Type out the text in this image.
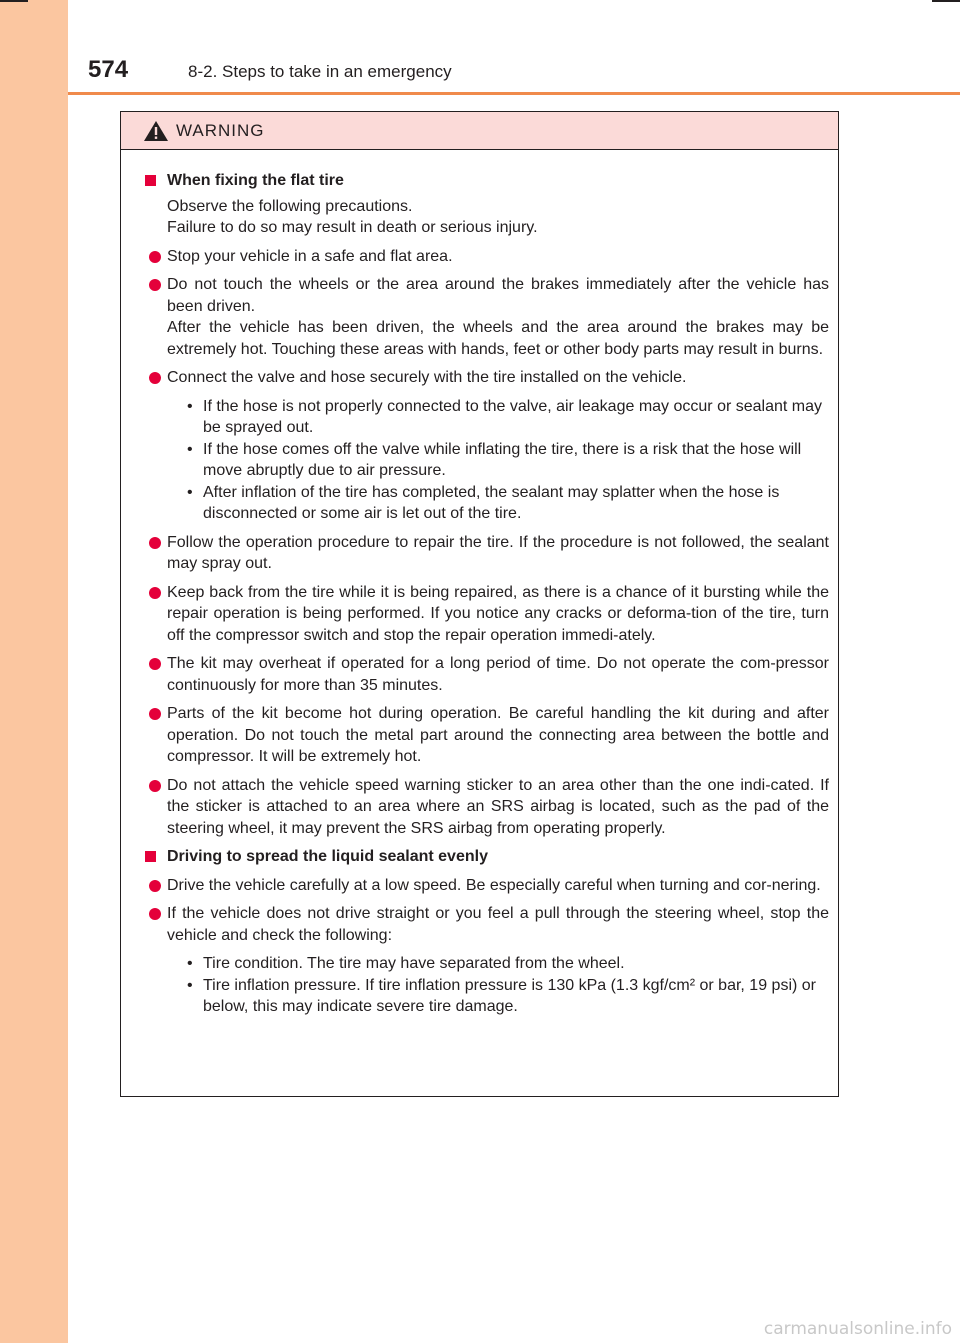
574	8-2. Steps to take in an emergency
WARNING
When fixing the flat tire
Observe the following precautions.
Failure to do so may result in death or serious injury.
Stop your vehicle in a safe and flat area.
Do not touch the wheels or the area around the brakes immediately after the vehicle has been driven.
After the vehicle has been driven, the wheels and the area around the brakes may be extremely hot. Touching these areas with hands, feet or other body parts may result in burns.
Connect the valve and hose securely with the tire installed on the vehicle.
• If the hose is not properly connected to the valve, air leakage may occur or sealant may be sprayed out.
• If the hose comes off the valve while inflating the tire, there is a risk that the hose will move abruptly due to air pressure.
• After inflation of the tire has completed, the sealant may splatter when the hose is disconnected or some air is let out of the tire.
Follow the operation procedure to repair the tire. If the procedure is not followed, the sealant may spray out.
Keep back from the tire while it is being repaired, as there is a chance of it bursting while the repair operation is being performed. If you notice any cracks or deforma-tion of the tire, turn off the compressor switch and stop the repair operation immedi-ately.
The kit may overheat if operated for a long period of time. Do not operate the com-pressor continuously for more than 35 minutes.
Parts of the kit become hot during operation. Be careful handling the kit during and after operation. Do not touch the metal part around the connecting area between the bottle and compressor. It will be extremely hot.
Do not attach the vehicle speed warning sticker to an area other than the one indi-cated. If the sticker is attached to an area where an SRS airbag is located, such as the pad of the steering wheel, it may prevent the SRS airbag from operating properly.
Driving to spread the liquid sealant evenly
Drive the vehicle carefully at a low speed. Be especially careful when turning and cor-nering.
If the vehicle does not drive straight or you feel a pull through the steering wheel, stop the vehicle and check the following:
• Tire condition. The tire may have separated from the wheel.
• Tire inflation pressure. If tire inflation pressure is 130 kPa (1.3 kgf/cm² or bar, 19 psi) or below, this may indicate severe tire damage.
carmanualsonline.info
